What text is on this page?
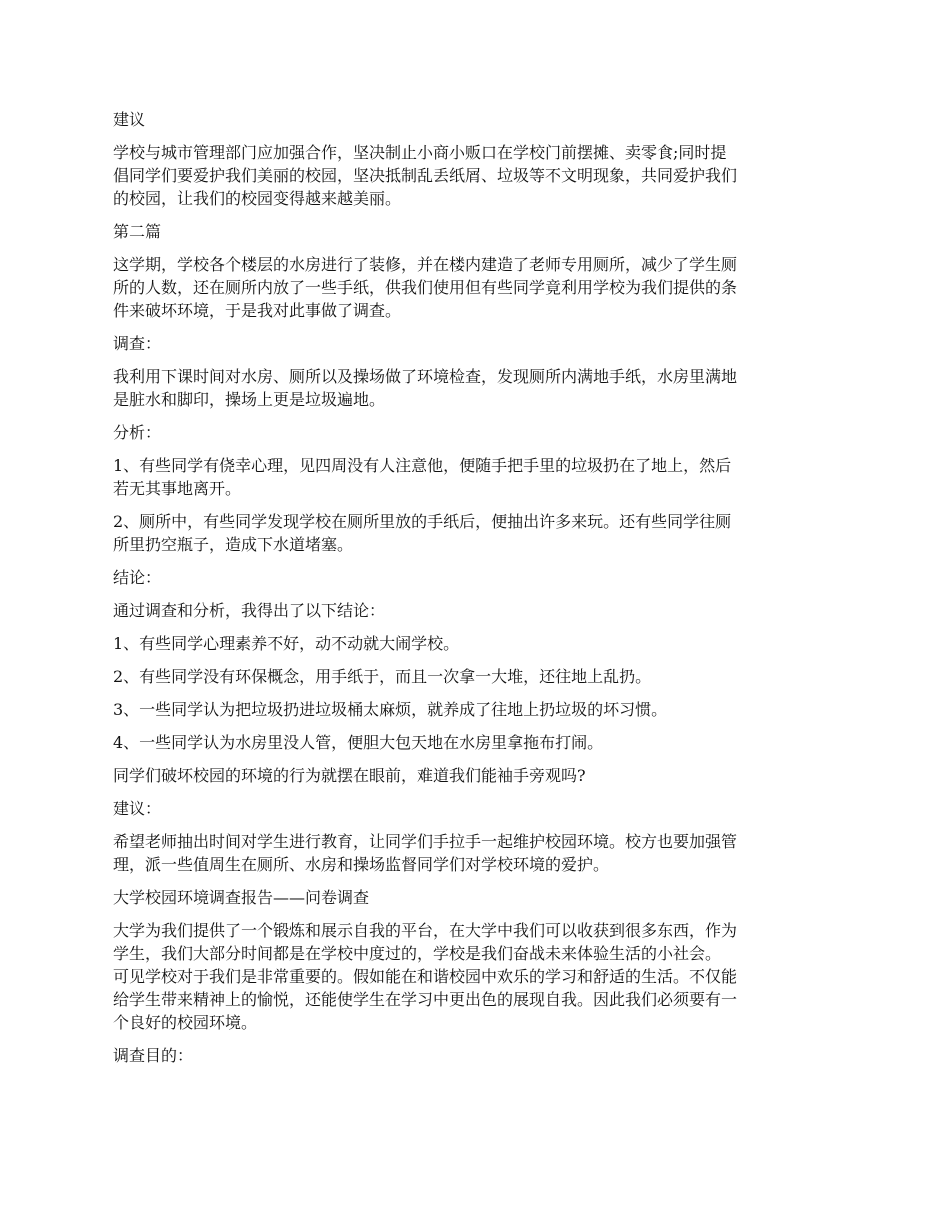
建议

学校与城市管理部门应加强合作，坚决制止小商小贩口在学校门前摆摊、卖零食;同时提
倡同学们要爱护我们美丽的校园，坚决抵制乱丢纸屑、垃圾等不文明现象，共同爱护我们
的校园，让我们的校园变得越来越美丽。

第二篇

这学期，学校各个楼层的水房进行了装修，并在楼内建造了老师专用厕所，减少了学生厕
所的人数，还在厕所内放了一些手纸，供我们使用但有些同学竟利用学校为我们提供的条
件来破坏环境，于是我对此事做了调查。

调查：

我利用下课时间对水房、厕所以及操场做了环境检查，发现厕所内满地手纸，水房里满地
是脏水和脚印，操场上更是垃圾遍地。

分析：

1、有些同学有侥幸心理，见四周没有人注意他，便随手把手里的垃圾扔在了地上，然后
若无其事地离开。

2、厕所中，有些同学发现学校在厕所里放的手纸后，便抽出许多来玩。还有些同学往厕
所里扔空瓶子，造成下水道堵塞。

结论：

通过调查和分析，我得出了以下结论：

1、有些同学心理素养不好，动不动就大闹学校。

2、有些同学没有环保概念，用手纸于，而且一次拿一大堆，还往地上乱扔。

3、一些同学认为把垃圾扔进垃圾桶太麻烦，就养成了往地上扔垃圾的坏习惯。

4、一些同学认为水房里没人管，便胆大包天地在水房里拿拖布打闹。

同学们破坏校园的环境的行为就摆在眼前，难道我们能袖手旁观吗?

建议：

希望老师抽出时间对学生进行教育，让同学们手拉手一起维护校园环境。校方也要加强管
理，派一些值周生在厕所、水房和操场监督同学们对学校环境的爱护。

大学校园环境调查报告——问卷调查

大学为我们提供了一个锻炼和展示自我的平台，在大学中我们可以收获到很多东西，作为
学生，我们大部分时间都是在学校中度过的，学校是我们奋战未来体验生活的小社会。
可见学校对于我们是非常重要的。假如能在和谐校园中欢乐的学习和舒适的生活。不仅能
给学生带来精神上的愉悦，还能使学生在学习中更出色的展现自我。因此我们必须要有一
个良好的校园环境。

调查目的：
